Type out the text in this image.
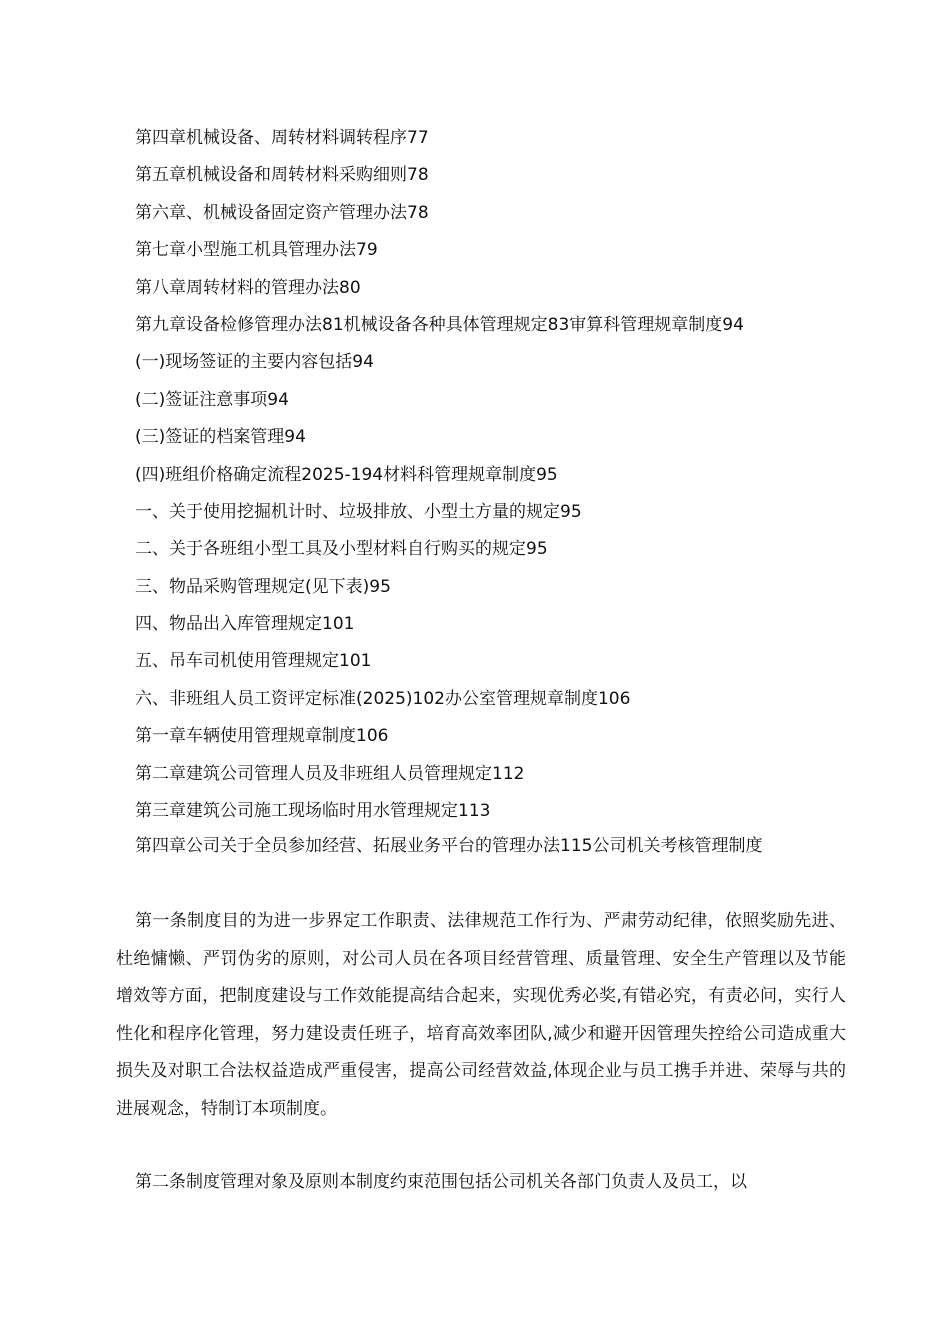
第四章机械设备、周转材料调转程序77
第五章机械设备和周转材料采购细则78
第六章、机械设备固定资产管理办法78
第七章小型施工机具管理办法79
第八章周转材料的管理办法80
第九章设备检修管理办法81机械设备各种具体管理规定83审算科管理规章制度94
(一)现场签证的主要内容包括94
(二)签证注意事项94
(三)签证的档案管理94
(四)班组价格确定流程2025-194材料科管理规章制度95
一、关于使用挖掘机计时、垃圾排放、小型土方量的规定95
二、关于各班组小型工具及小型材料自行购买的规定95
三、物品采购管理规定(见下表)95
四、物品出入库管理规定101
五、吊车司机使用管理规定101
六、非班组人员工资评定标准(2025)102办公室管理规章制度106
第一章车辆使用管理规章制度106
第二章建筑公司管理人员及非班组人员管理规定112
第三章建筑公司施工现场临时用水管理规定113

第四章公司关于全员参加经营、拓展业务平台的管理办法115公司机关考核管理制度

第一条制度目的为进一步界定工作职责、法律规范工作行为、严肃劳动纪律，依照奖励先进、杜绝慵懒、严罚伪劣的原则，对公司人员在各项目经营管理、质量管理、安全生产管理以及节能增效等方面，把制度建设与工作效能提高结合起来，实现优秀必奖,有错必究，有责必问，实行人性化和程序化管理，努力建设责任班子，培育高效率团队,减少和避开因管理失控给公司造成重大损失及对职工合法权益造成严重侵害，提高公司经营效益,体现企业与员工携手并进、荣辱与共的进展观念，特制订本项制度。

第二条制度管理对象及原则本制度约束范围包括公司机关各部门负责人及员工，以
